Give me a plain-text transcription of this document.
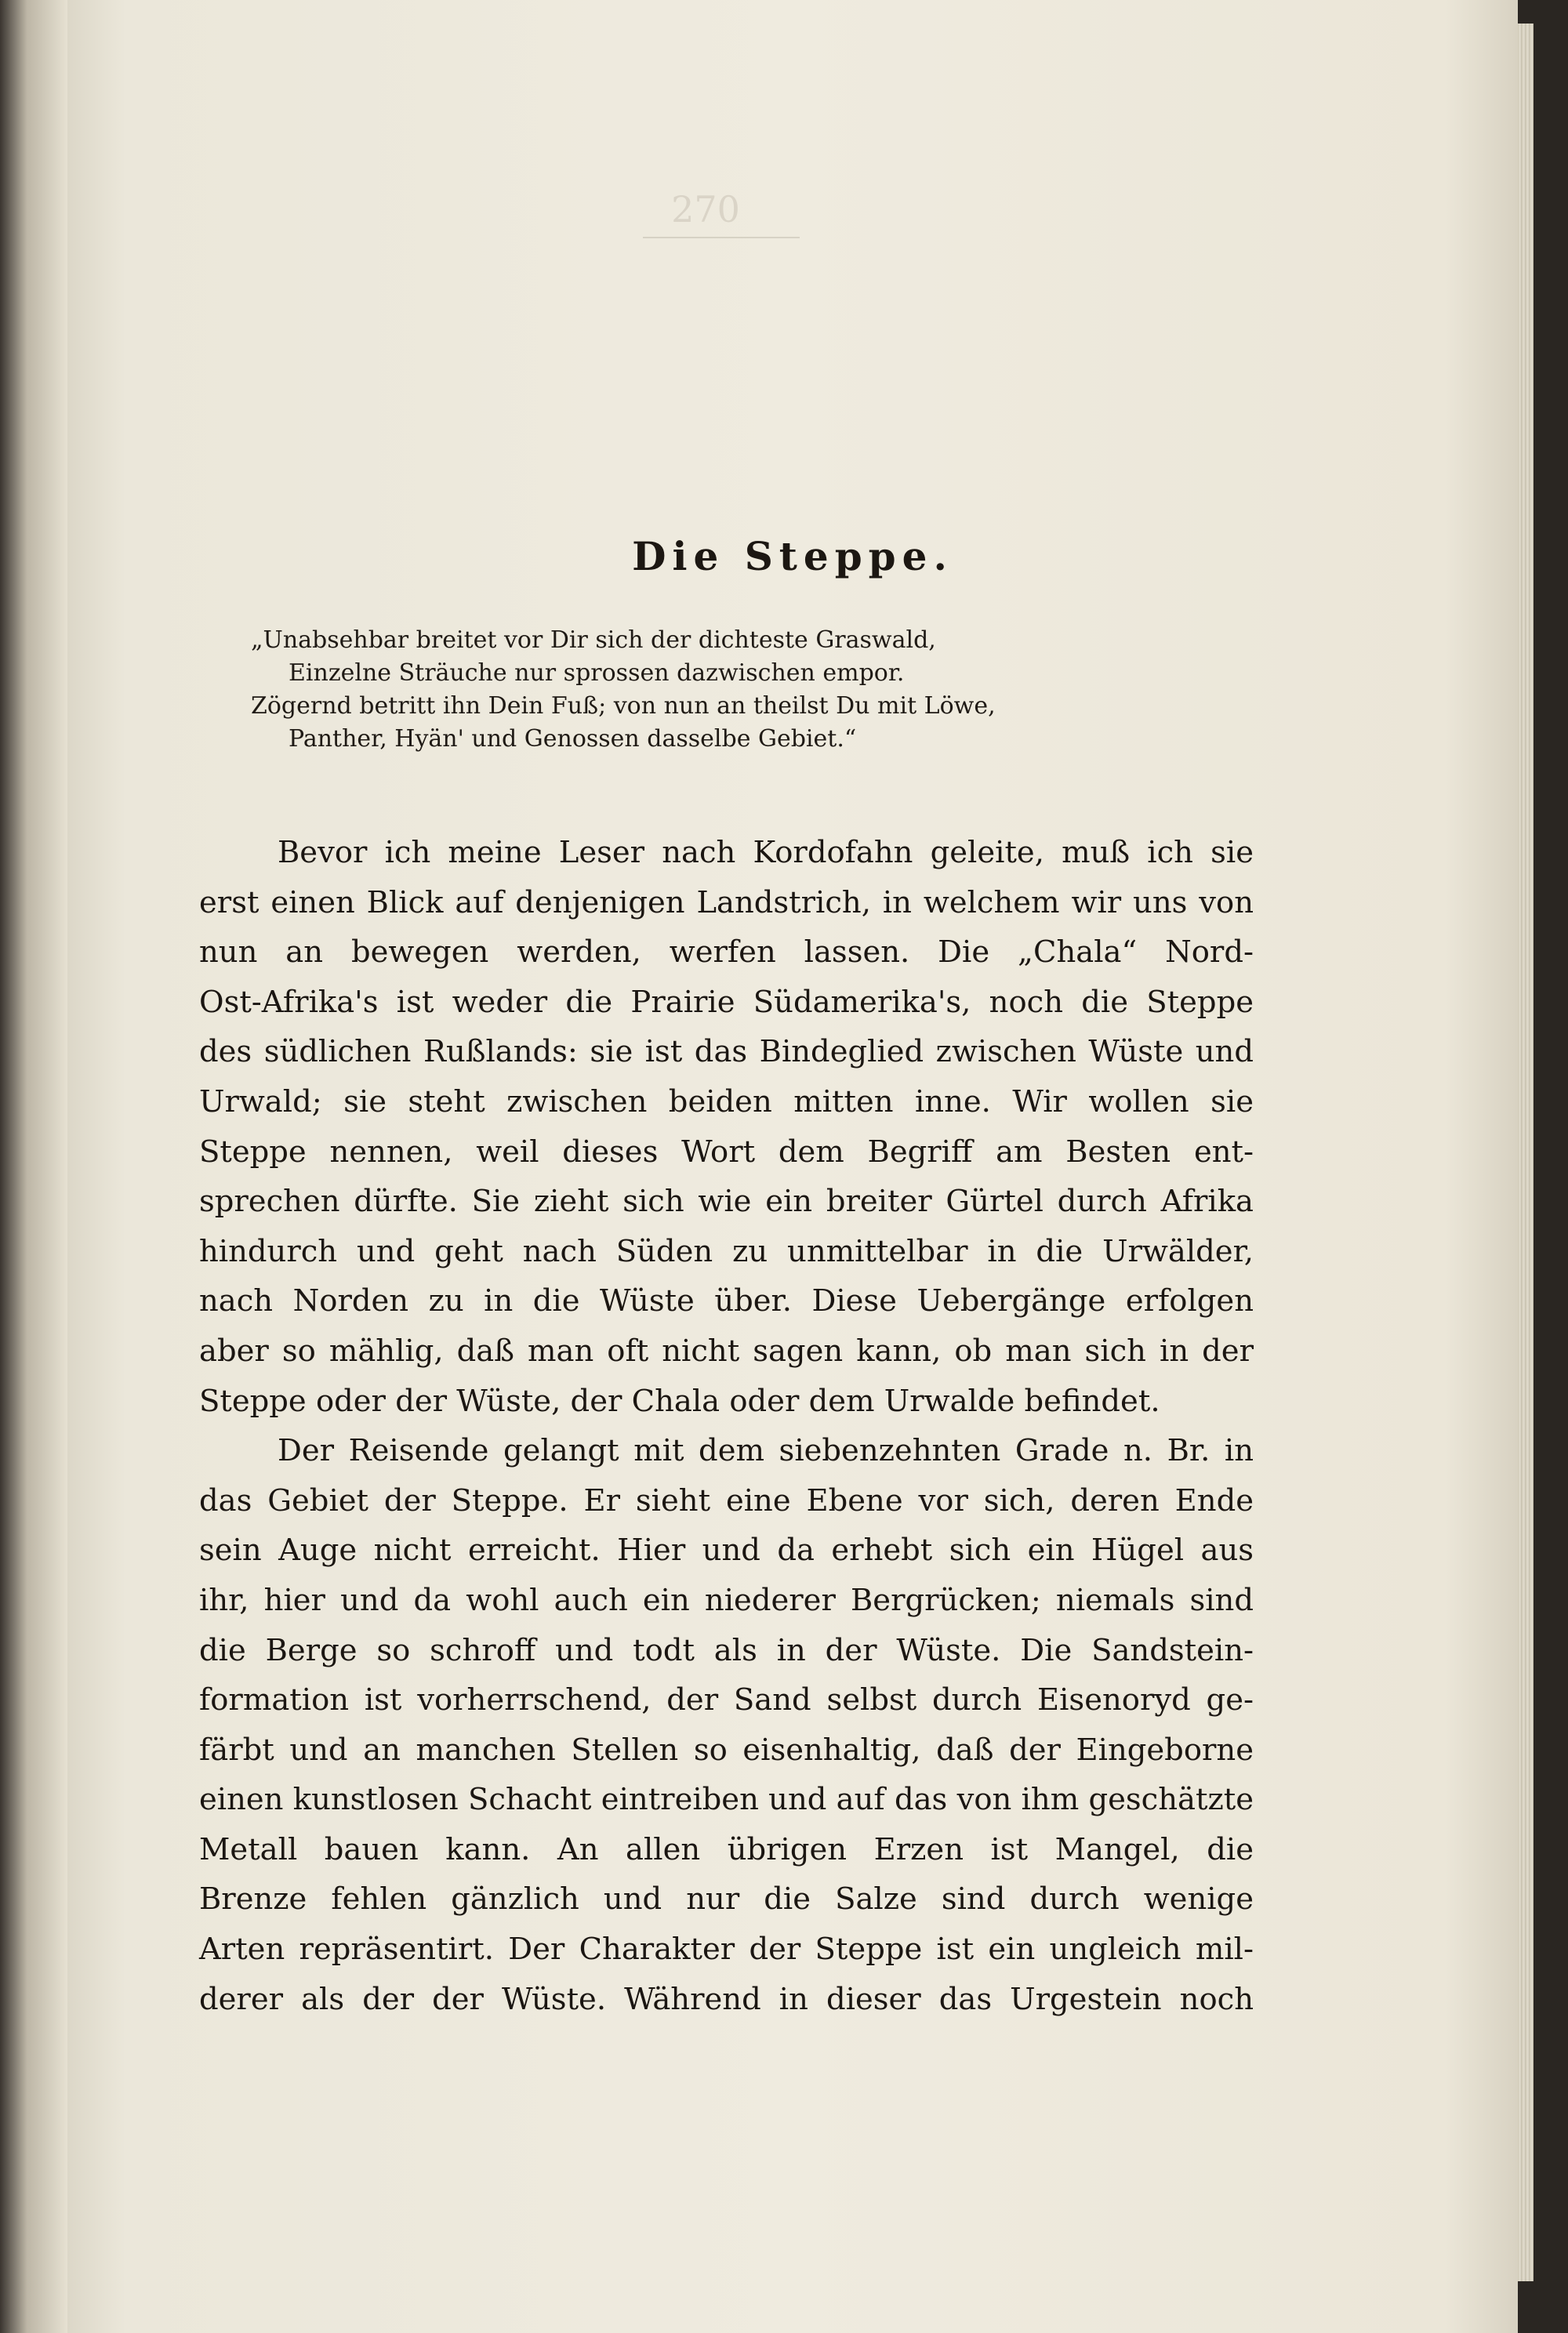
270
Die Steppe.
„Unabsehbar breitet vor Dir sich der dichteste Graswald,
Einzelne Sträuche nur sprossen dazwischen empor.
Zögernd betritt ihn Dein Fuß; von nun an theilst Du mit Löwe,
Panther, Hyän' und Genossen dasselbe Gebiet.“
Bevor ich meine Leser nach Kordofahn geleite, muß ich sie
erst einen Blick auf denjenigen Landstrich, in welchem wir uns von
nun an bewegen werden, werfen lassen. Die „Chala“ Nord-
Ost-Afrika's ist weder die Prairie Südamerika's, noch die Steppe
des südlichen Rußlands: sie ist das Bindeglied zwischen Wüste und
Urwald; sie steht zwischen beiden mitten inne. Wir wollen sie
Steppe nennen, weil dieses Wort dem Begriff am Besten ent-
sprechen dürfte. Sie zieht sich wie ein breiter Gürtel durch Afrika
hindurch und geht nach Süden zu unmittelbar in die Urwälder,
nach Norden zu in die Wüste über. Diese Uebergänge erfolgen
aber so mählig, daß man oft nicht sagen kann, ob man sich in der
Steppe oder der Wüste, der Chala oder dem Urwalde befindet.
Der Reisende gelangt mit dem siebenzehnten Grade n. Br. in
das Gebiet der Steppe. Er sieht eine Ebene vor sich, deren Ende
sein Auge nicht erreicht. Hier und da erhebt sich ein Hügel aus
ihr, hier und da wohl auch ein niederer Bergrücken; niemals sind
die Berge so schroff und todt als in der Wüste. Die Sandstein-
formation ist vorherrschend, der Sand selbst durch Eisenoryd ge-
färbt und an manchen Stellen so eisenhaltig, daß der Eingeborne
einen kunstlosen Schacht eintreiben und auf das von ihm geschätzte
Metall bauen kann. An allen übrigen Erzen ist Mangel, die
Brenze fehlen gänzlich und nur die Salze sind durch wenige
Arten repräsentirt. Der Charakter der Steppe ist ein ungleich mil-
derer als der der Wüste. Während in dieser das Urgestein noch
